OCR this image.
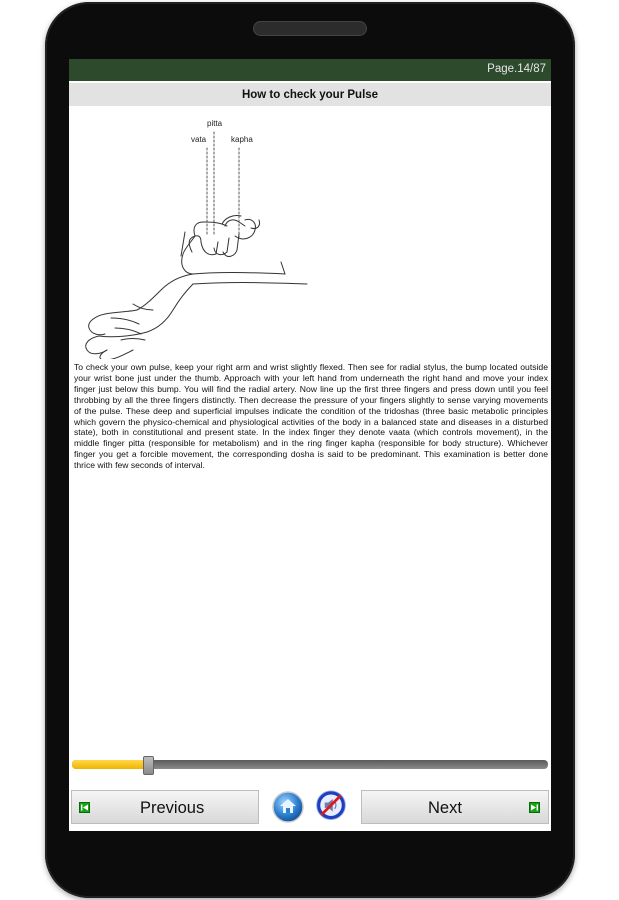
Page.14/87
How to check your Pulse
pitta
vata	kapha

To check your own pulse, keep your right arm and wrist slightly flexed. Then see for radial stylus, the bump located outside your wrist bone just under the thumb. Approach with your left hand from underneath the right hand and move your index finger just below this bump. You will find the radial artery. Now line up the first three fingers and press down until you feel throbbing by all the three fingers distinctly. Then decrease the pressure of your fingers slightly to sense varying movements of the pulse. These deep and superficial impulses indicate the condition of the tridoshas (three basic metabolic principles which govern the physico-chemical and physiological activities of the body in a balanced state and diseases in a disturbed state), both in constitutional and present state. In the index finger they denote vaata (which controls movement), in the middle finger pitta (responsible for metabolism) and in the ring finger kapha (responsible for body structure). Whichever finger you get a forcible movement, the corresponding dosha is said to be predominant. This examination is better done thrice with few seconds of interval.

Previous	Next
